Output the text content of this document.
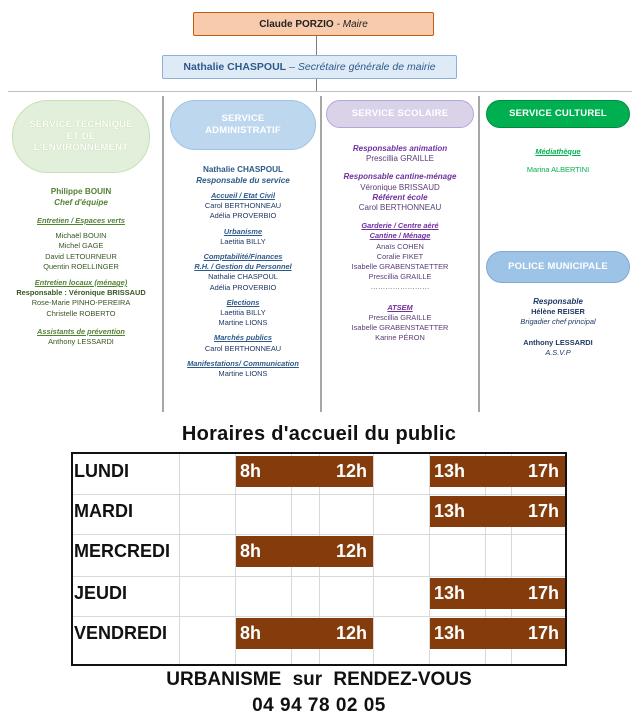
Claude PORZIO - Maire
Nathalie CHASPOUL – Secrétaire générale de mairie
SERVICE TECHNIQUE ET DE L'ENVIRONNEMENT
Philippe BOUIN
Chef d'équipe
Entretien / Espaces verts
Michaël BOUIN
Michel GAGE
David LETOURNEUR
Quentin ROELLINGER
Entretien locaux (ménage)
Responsable : Véronique BRISSAUD
Rose-Marie PINHO-PEREIRA
Christelle ROBERTO
Assistants de prévention
Anthony LESSARDI
SERVICE ADMINISTRATIF
Nathalie CHASPOUL
Responsable du service
Accueil / Etat Civil
Carol BERTHONNEAU
Adélia PROVERBIO
Urbanisme
Laetitia BILLY
Comptabilité/Finances
R.H. / Gestion du Personnel
Nathalie CHASPOUL
Adélia PROVERBIO
Elections
Laetitia BILLY
Martine LIONS
Marchés publics
Carol BERTHONNEAU
Manifestations/ Communication
Martine LIONS
SERVICE SCOLAIRE
Responsables animation
Prescillia GRAILLE
Responsable cantine-ménage
Véronique BRISSAUD
Référent école
Carol BERTHONNEAU
Garderie / Centre aéré
Cantine / Ménage
Anaïs COHEN
Coralie FIKET
Isabelle GRABENSTAETTER
Prescillia GRAILLE
……………………
ATSEM
Prescillia GRAILLE
Isabelle GRABENSTAETTER
Karine PÉRON
SERVICE CULTUREL
Médiathèque
Marina ALBERTINI
POLICE MUNICIPALE
Responsable
Hélène REISER
Brigadier chef principal
Anthony LESSARDI
A.S.V.P
Horaires d'accueil du public
LUNDI	8h	12h	13h	17h
MARDI	13h	17h
MERCREDI	8h	12h
JEUDI	13h	17h
VENDREDI	8h	12h	13h	17h
URBANISME sur RENDEZ-VOUS
04 94 78 02 05
